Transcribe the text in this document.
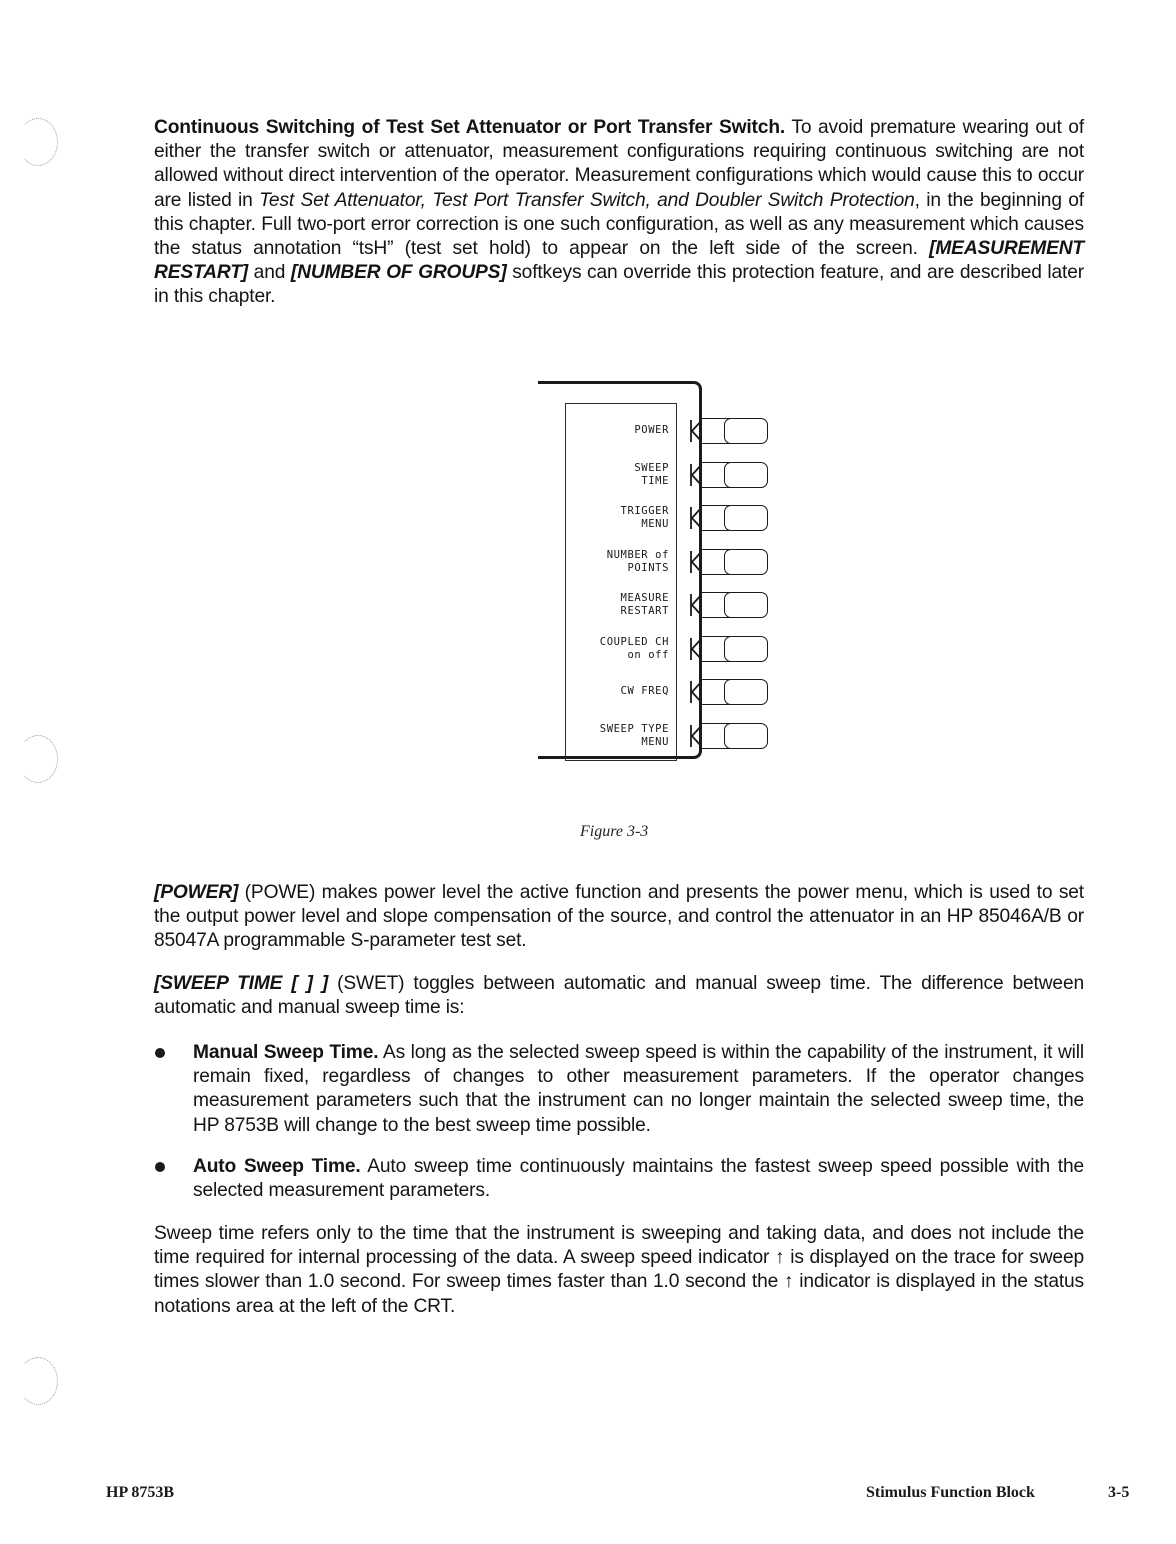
Continuous Switching of Test Set Attenuator or Port Transfer Switch. To avoid premature wearing out of either the transfer switch or attenuator, measurement configurations requiring continuous switching are not allowed without direct intervention of the operator. Measurement configurations which would cause this to occur are listed in Test Set Attenuator, Test Port Transfer Switch, and Doubler Switch Protection, in the beginning of this chapter. Full two-port error correction is one such configuration, as well as any measurement which causes the status annotation “tsH” (test set hold) to appear on the left side of the screen. [MEASUREMENT RESTART] and [NUMBER OF GROUPS] softkeys can override this protection feature, and are described later in this chapter.

POWER
SWEEP
TIME
TRIGGER
MENU
NUMBER of
POINTS
MEASURE
RESTART
COUPLED CH
on off
CW FREQ
SWEEP TYPE
MENU
Figure 3-3

[POWER] (POWE) makes power level the active function and presents the power menu, which is used to set the output power level and slope compensation of the source, and control the attenuator in an HP 85046A/B or 85047A programmable S-parameter test set.

[SWEEP TIME [ ] ] (SWET) toggles between automatic and manual sweep time. The difference between automatic and manual sweep time is:

Manual Sweep Time. As long as the selected sweep speed is within the capability of the instrument, it will remain fixed, regardless of changes to other measurement parameters. If the operator changes measurement parameters such that the instrument can no longer maintain the selected sweep time, the HP 8753B will change to the best sweep time possible.

Auto Sweep Time. Auto sweep time continuously maintains the fastest sweep speed possible with the selected measurement parameters.

Sweep time refers only to the time that the instrument is sweeping and taking data, and does not include the time required for internal processing of the data. A sweep speed indicator ↑ is displayed on the trace for sweep times slower than 1.0 second. For sweep times faster than 1.0 second the ↑ indicator is displayed in the status notations area at the left of the CRT.

HP 8753B	Stimulus Function Block	3-5
